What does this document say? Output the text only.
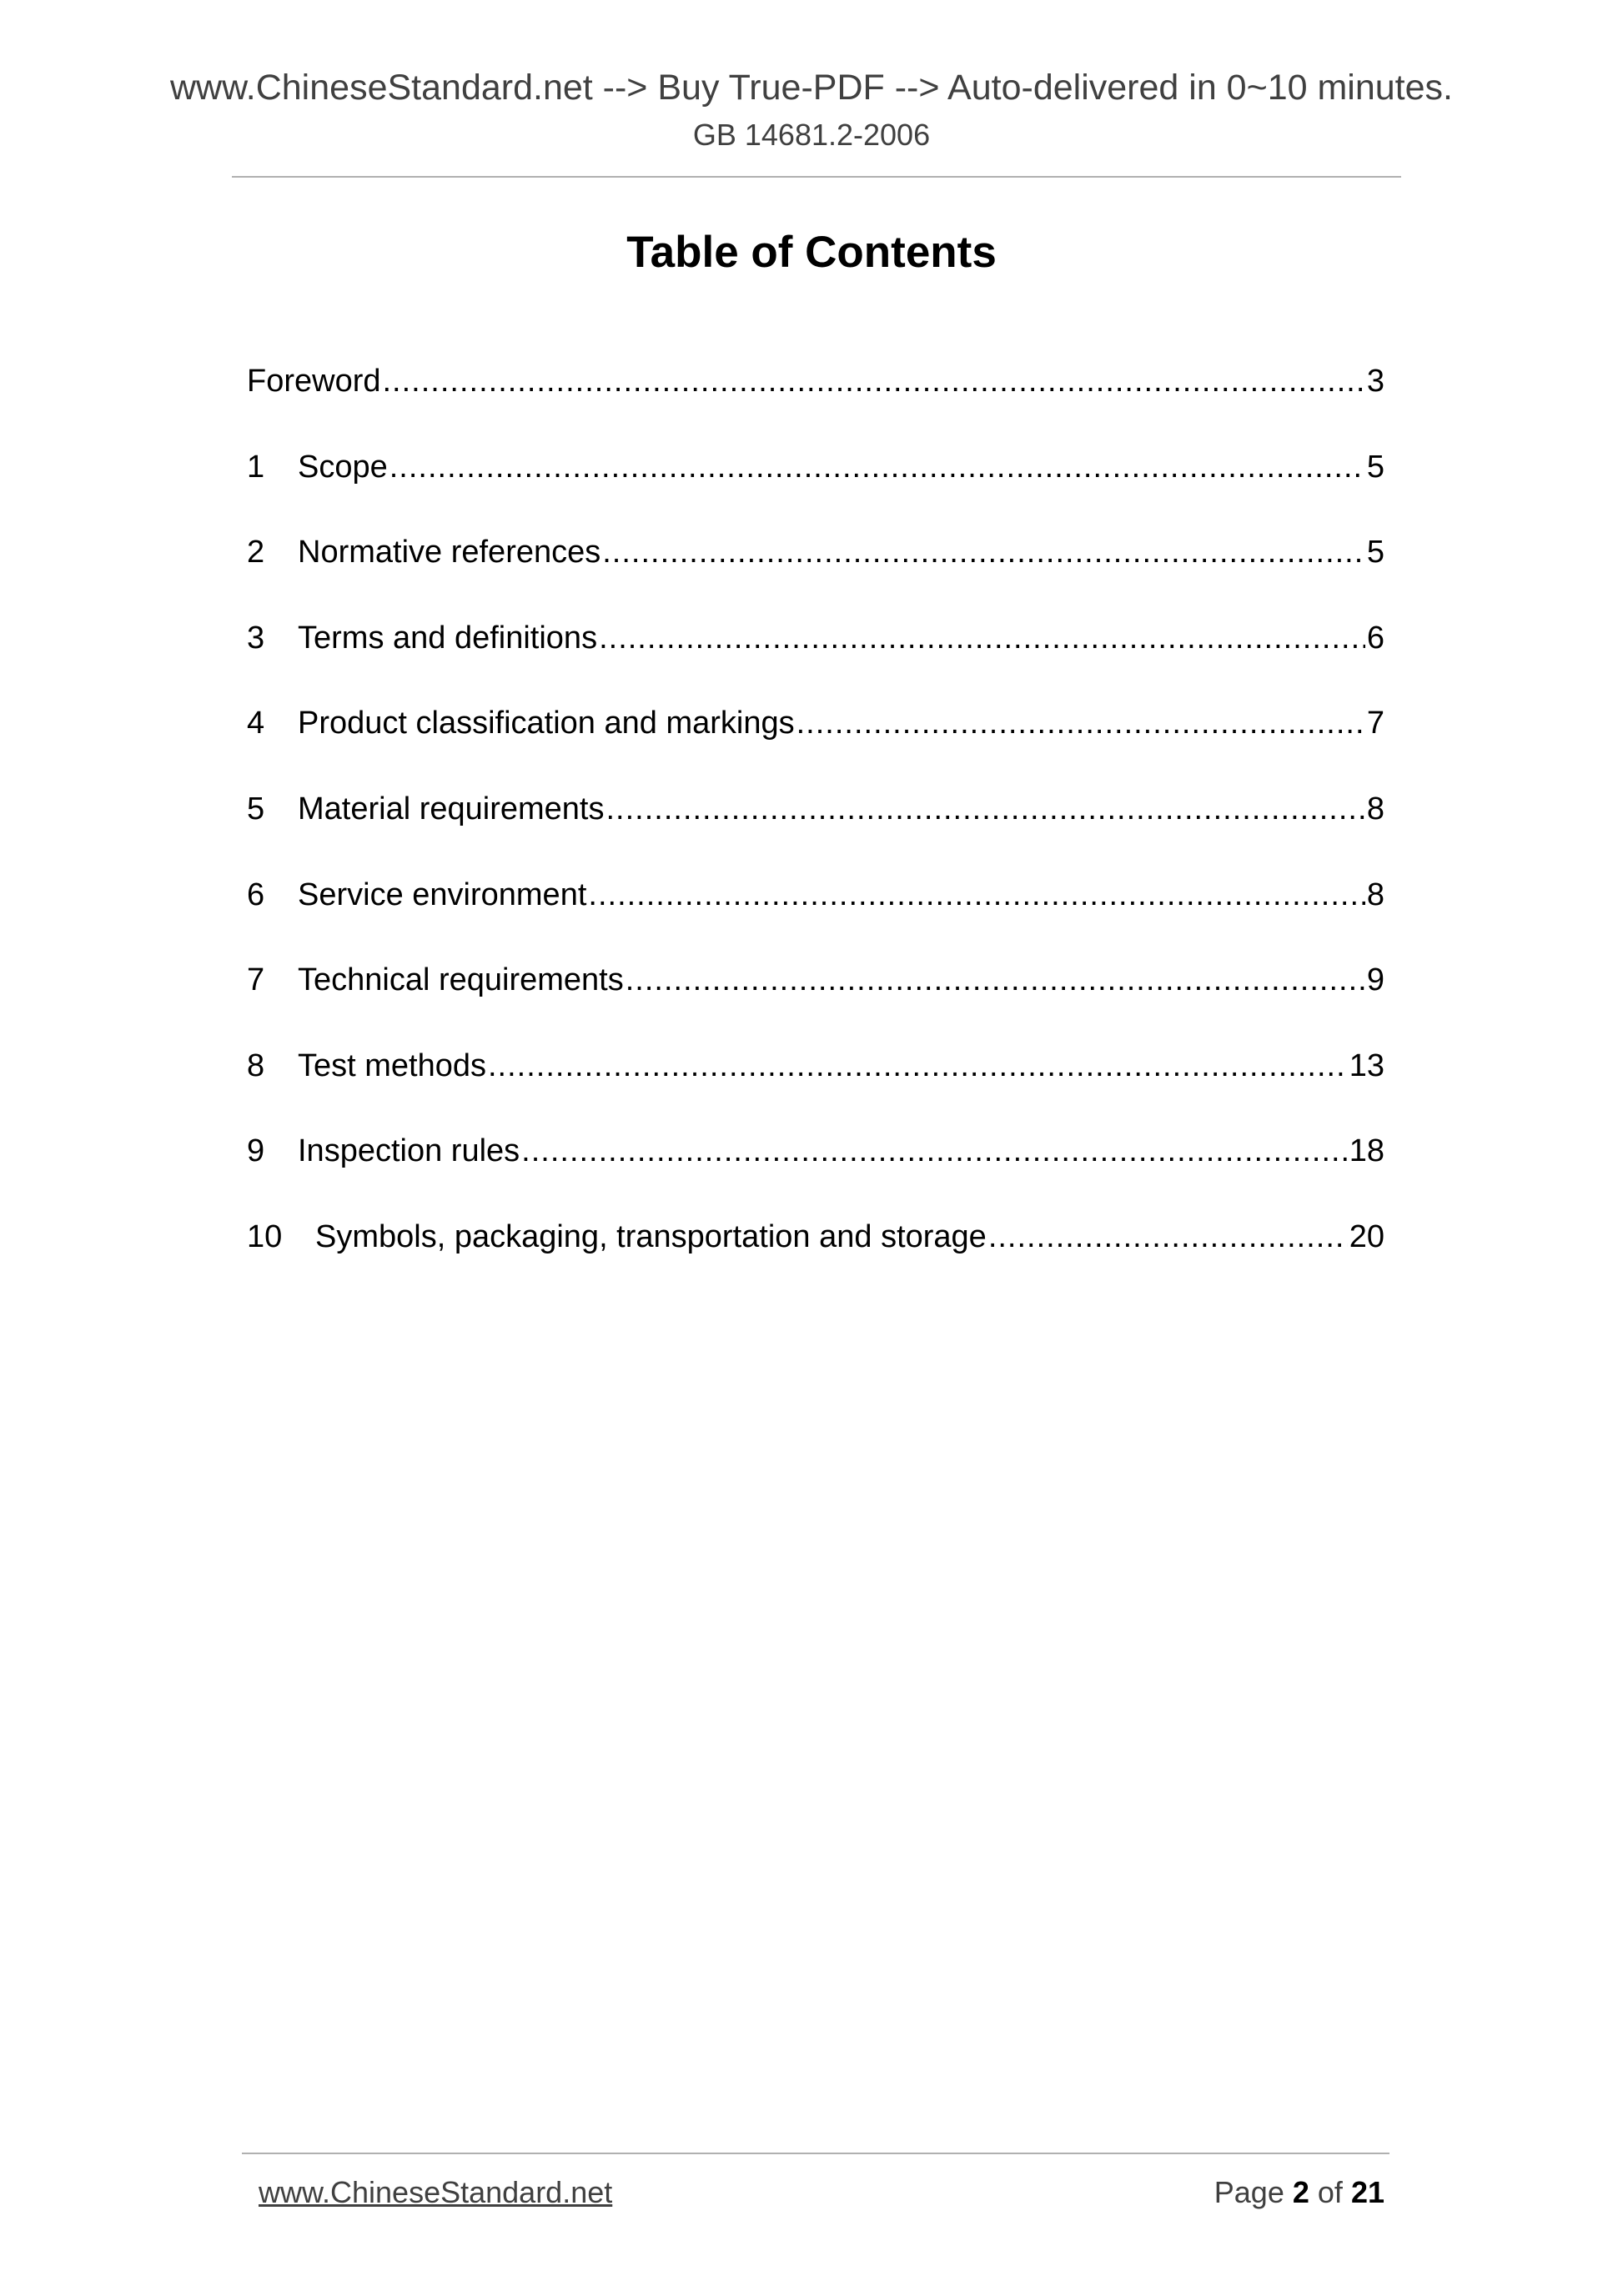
www.ChineseStandard.net --> Buy True-PDF --> Auto-delivered in 0~10 minutes.
GB 14681.2-2006
Table of Contents
Foreword .....	3
1	Scope .....	5
2	Normative references .....	5
3	Terms and definitions .....	6
4	Product classification and markings .....	7
5	Material requirements .....	8
6	Service environment .....	8
7	Technical requirements .....	9
8	Test methods .....	13
9	Inspection rules .....	18
10	Symbols, packaging, transportation and storage .....	20
www.ChineseStandard.net	Page 2 of 21
